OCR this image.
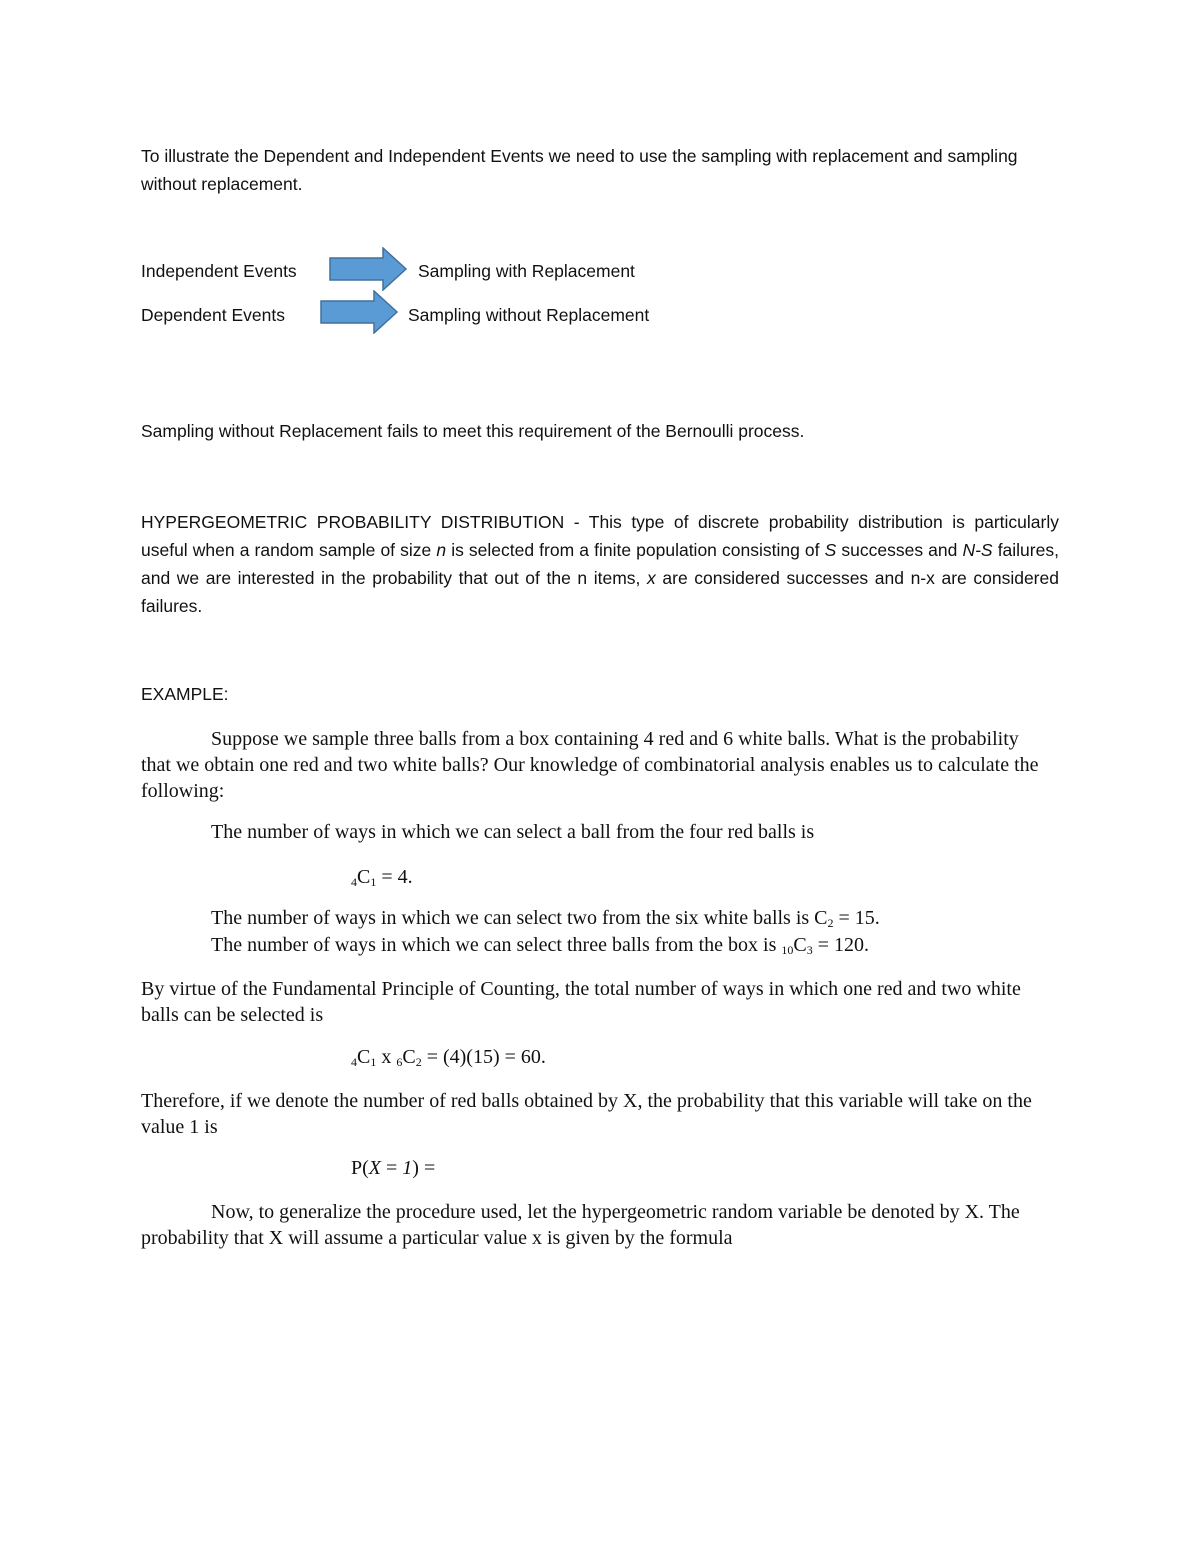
To illustrate the Dependent and Independent Events we need to use the sampling with replacement and sampling without replacement.

Independent Events	Sampling with Replacement
Dependent Events	Sampling without Replacement
Sampling without Replacement fails to meet this requirement of the Bernoulli process.

HYPERGEOMETRIC PROBABILITY DISTRIBUTION - This type of discrete probability distribution is particularly useful when a random sample of size n is selected from a finite population consisting of S successes and N-S failures, and we are interested in the probability that out of the n items, x are considered successes and n-x are considered failures.

EXAMPLE:

Suppose we sample three balls from a box containing 4 red and 6 white balls. What is the probability that we obtain one red and two white balls? Our knowledge of combinatorial analysis enables us to calculate the following:

The number of ways in which we can select a ball from the four red balls is
$4C_1 = 4$.
The number of ways in which we can select two from the six white balls is $C_2 = 15$.
The number of ways in which we can select three balls from the box is $10C_3 = 120$.

By virtue of the Fundamental Principle of Counting, the total number of ways in which one red and two white balls can be selected is

$4C_1$ x $6C_2 = (4)(15) = 60$.

Therefore, if we denote the number of red balls obtained by X, the probability that this variable will take on the value 1 is

P(X = 1) =

Now, to generalize the procedure used, let the hypergeometric random variable be denoted by X. The probability that X will assume a particular value x is given by the formula
